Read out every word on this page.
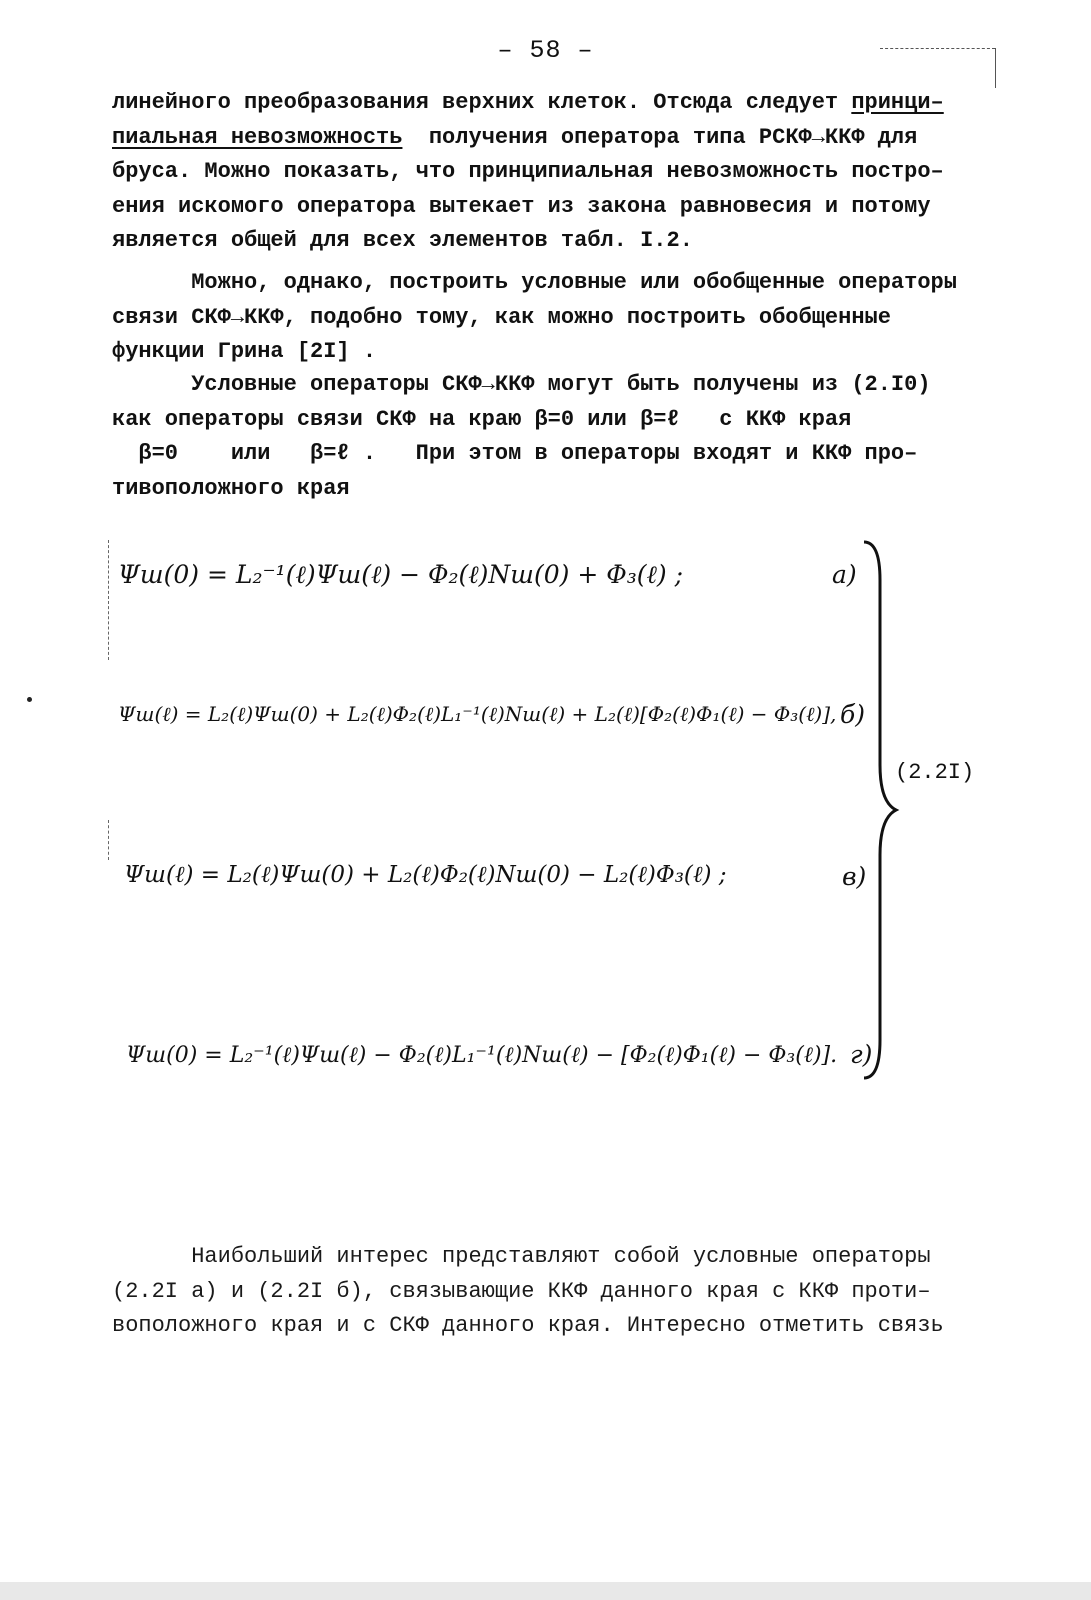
– 58 –
линейного преобразования верхних клеток. Отсюда следует принци–
пиальная невозможность  получения оператора типа РСКФ→ККФ для
бруса. Можно показать, что принципиальная невозможность постро–
ения искомого оператора вытекает из закона равновесия и потому
является общей для всех элементов табл. I.2.
Можно, однако, построить условные или обобщенные операторы
связи СКФ→ККФ, подобно тому, как можно построить обобщенные
функции Грина [2I] .
Условные операторы СКФ→ККФ могут быть получены из (2.I0)
как операторы связи СКФ на краю β=0 или β=ℓ   с ККФ края
β=0    или   β=ℓ .   При этом в операторы входят и ККФ про–
тивоположного края
Ψш(0) = L₂⁻¹(ℓ)Ψш(ℓ) − Φ₂(ℓ)Nш(0) + Φ₃(ℓ) ;	a)
Ψш(ℓ) = L₂(ℓ)Ψш(0) + L₂(ℓ)Φ₂(ℓ)L₁⁻¹(ℓ)Nш(ℓ) + L₂(ℓ)[Φ₂(ℓ)Φ₁(ℓ) − Φ₃(ℓ)], б)
Ψш(ℓ) = L₂(ℓ)Ψш(0) + L₂(ℓ)Φ₂(ℓ)Nш(0) − L₂(ℓ)Φ₃(ℓ) ;	в)
Ψш(0) = L₂⁻¹(ℓ)Ψш(ℓ) − Φ₂(ℓ)L₁⁻¹(ℓ)Nш(ℓ) − [Φ₂(ℓ)Φ₁(ℓ) − Φ₃(ℓ)]. г)
(2.2I)
Наибольший интерес представляют собой условные операторы
(2.2I а) и (2.2I б), связывающие ККФ данного края с ККФ проти–
воположного края и с СКФ данного края. Интересно отметить связь
